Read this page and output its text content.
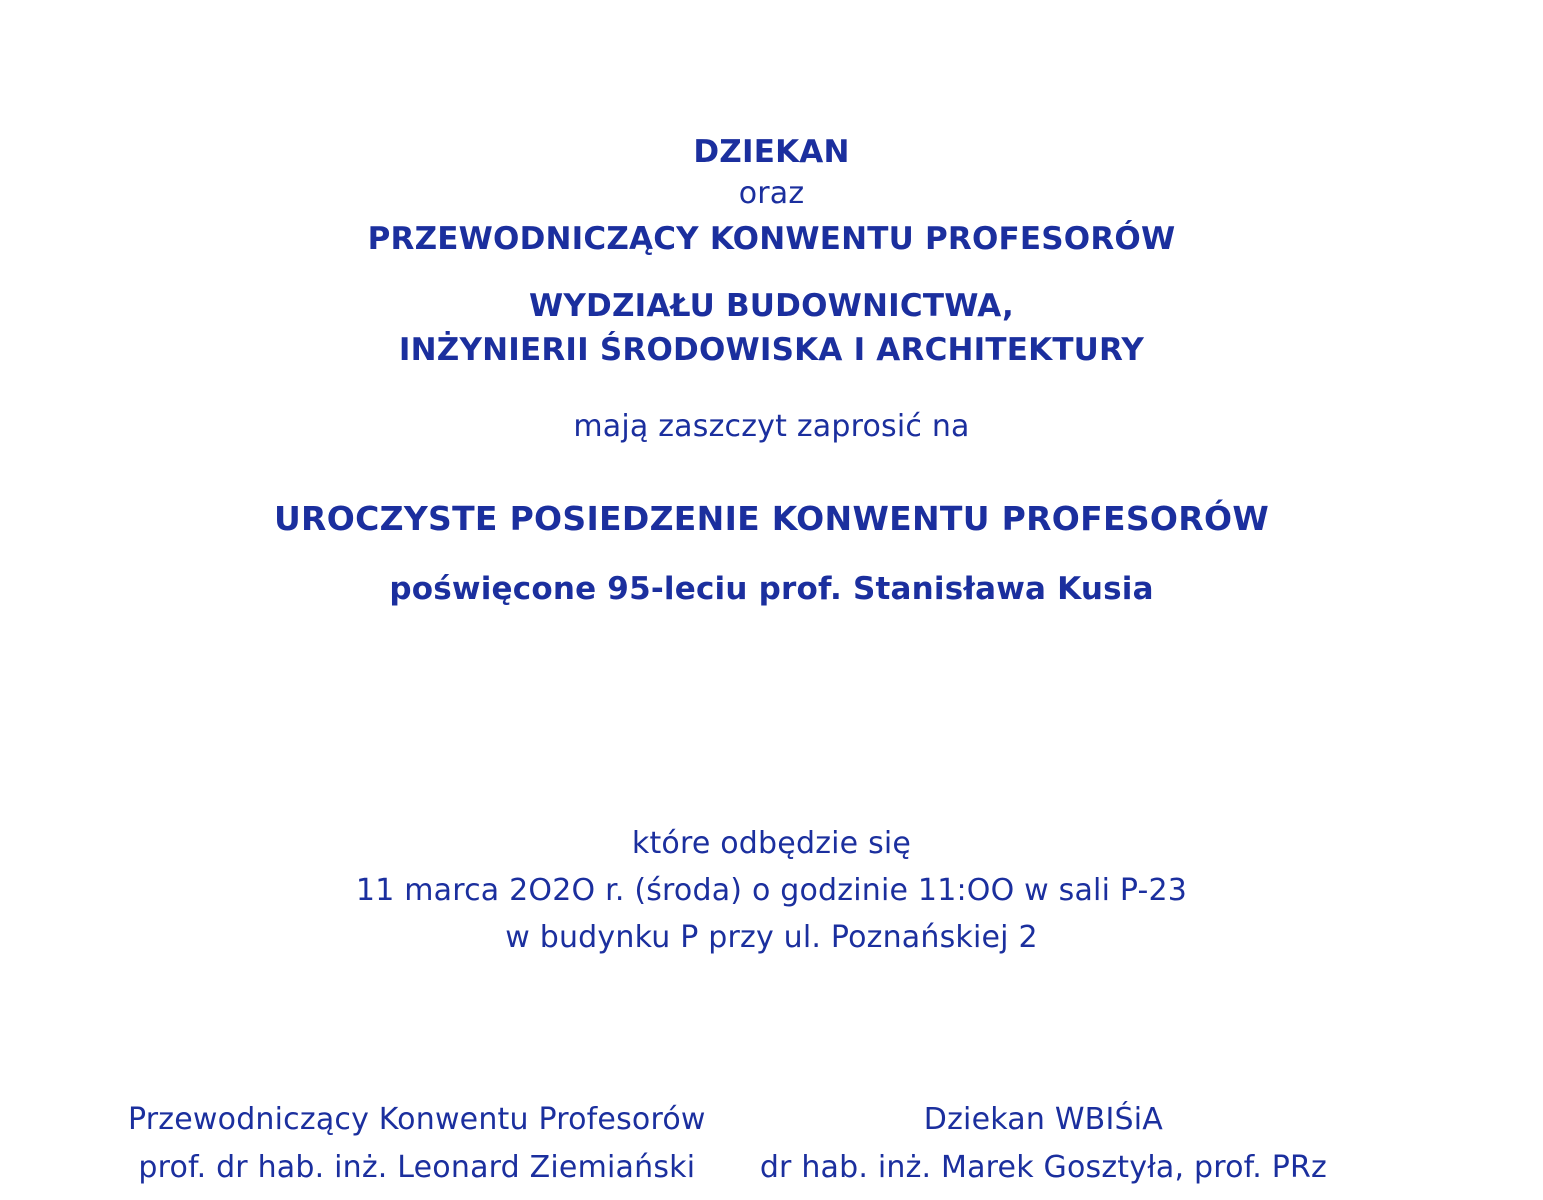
DZIEKAN
oraz
PRZEWODNICZĄCY KONWENTU PROFESORÓW
WYDZIAŁU BUDOWNICTWA,
INŻYNIERII ŚRODOWISKA I ARCHITEKTURY
mają zaszczyt zaprosić na
UROCZYSTE POSIEDZENIE KONWENTU PROFESORÓW
poświęcone 95-leciu prof. Stanisława Kusia
które odbędzie się
11 marca 2O2O r. (środa) o godzinie 11:OO w sali P-23
w budynku P przy ul. Poznańskiej 2
Przewodniczący Konwentu Profesorów
prof. dr hab. inż. Leonard Ziemiański
Dziekan WBIŚiA
dr hab. inż. Marek Gosztyła, prof. PRz
